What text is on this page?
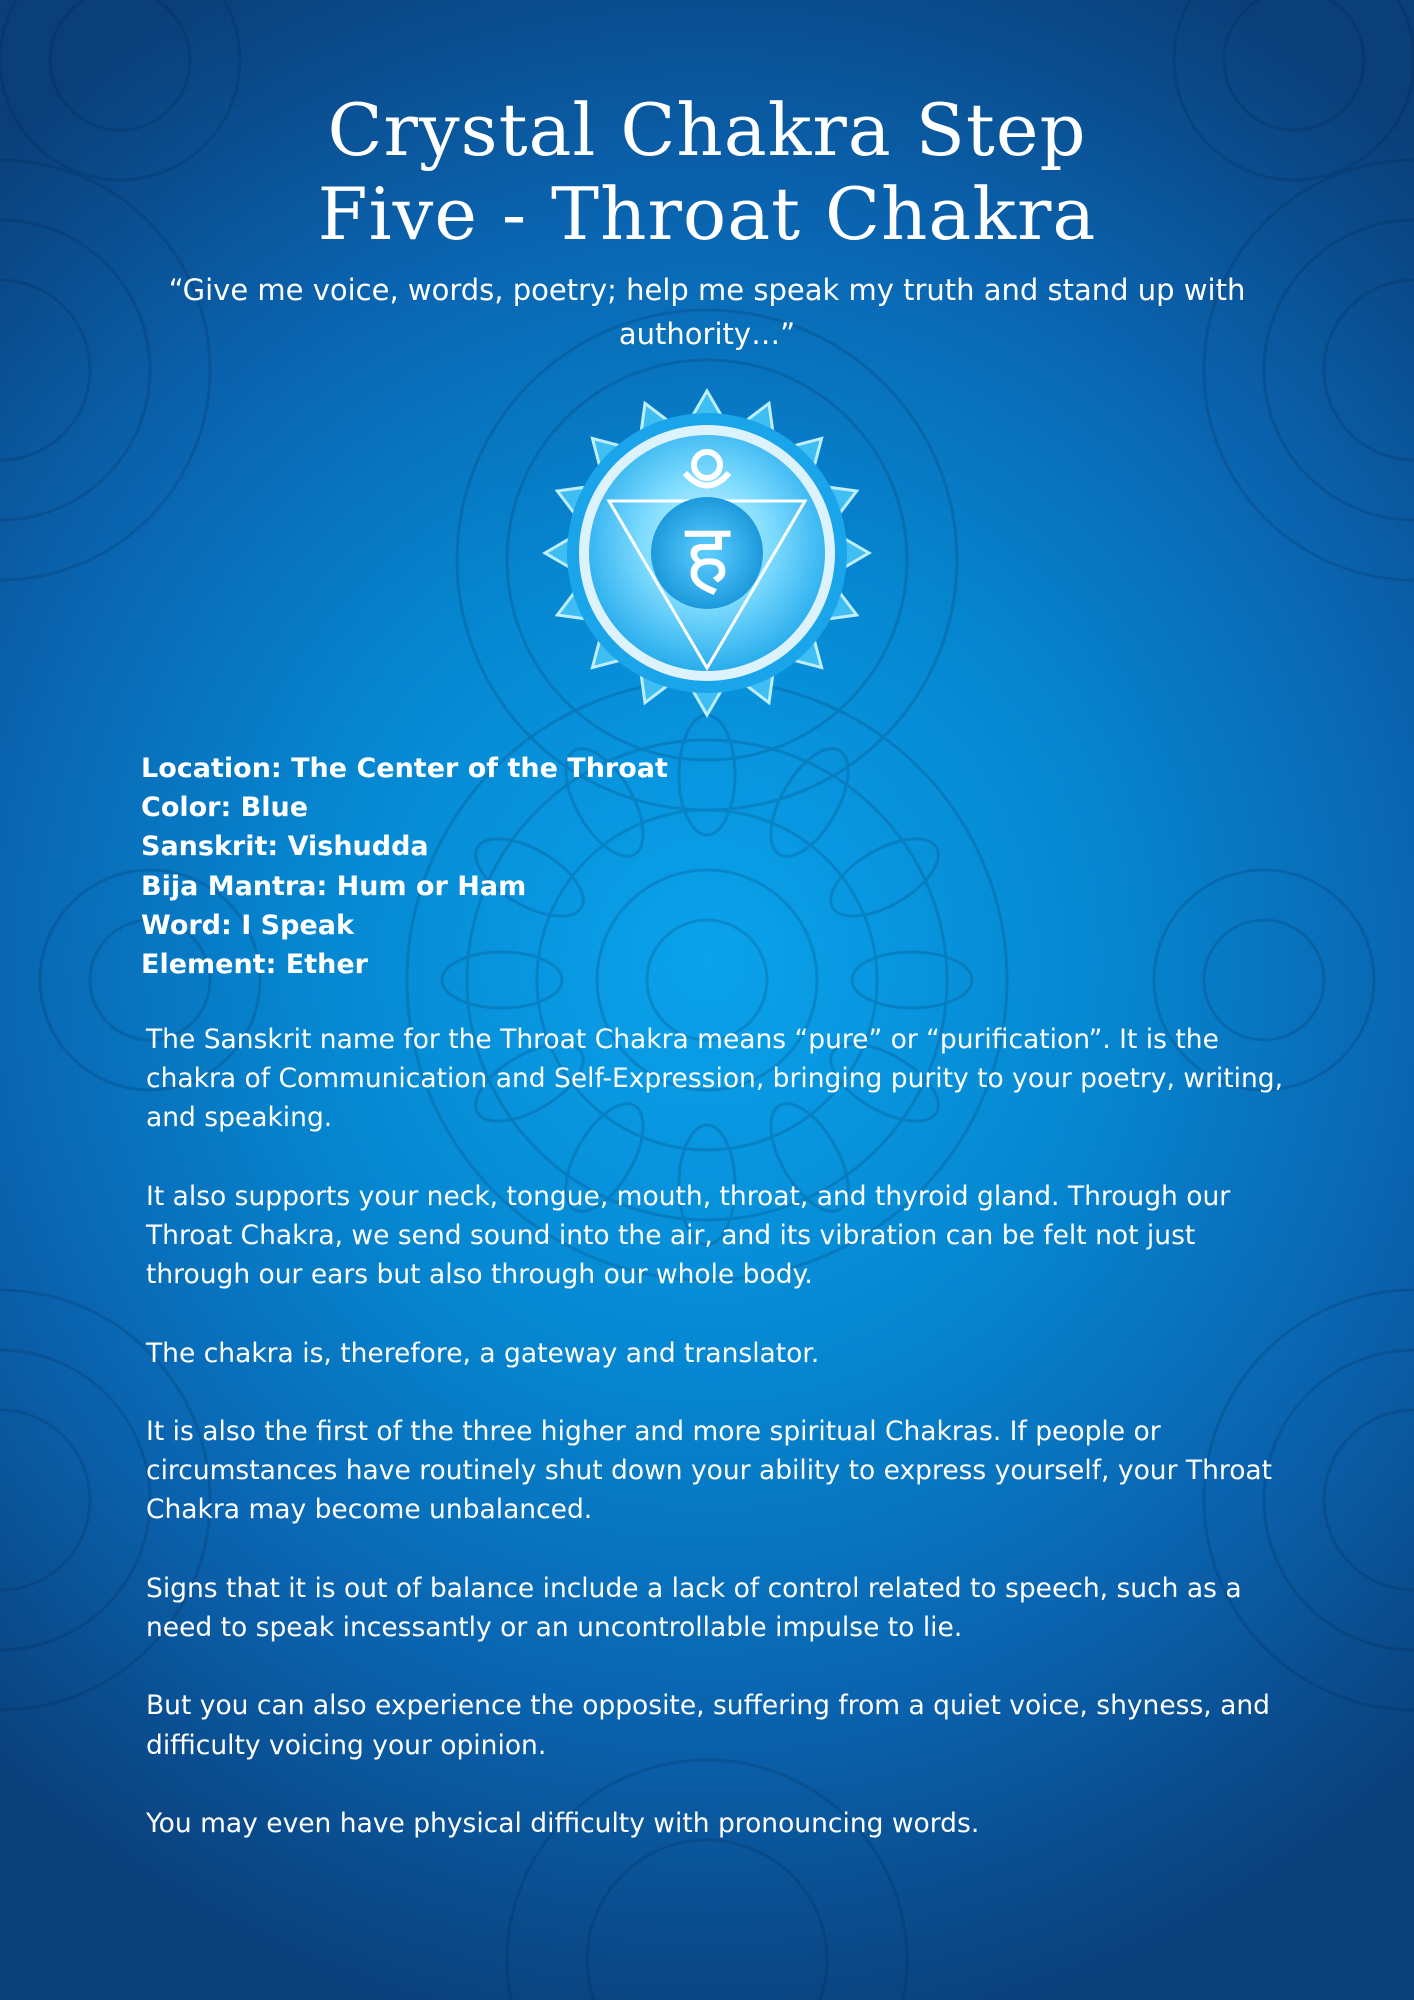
Crystal Chakra Step
Five - Throat Chakra

“Give me voice, words, poetry; help me speak my truth and stand up with authority…”

ह
Location: The Center of the Throat
Color: Blue
Sanskrit: Vishudda
Bija Mantra: Hum or Ham
Word: I Speak
Element: Ether

The Sanskrit name for the Throat Chakra means “pure” or “purification”. It is the chakra of Communication and Self-Expression, bringing purity to your poetry, writing, and speaking.

It also supports your neck, tongue, mouth, throat, and thyroid gland. Through our Throat Chakra, we send sound into the air, and its vibration can be felt not just through our ears but also through our whole body.

The chakra is, therefore, a gateway and translator.

It is also the first of the three higher and more spiritual Chakras. If people or circumstances have routinely shut down your ability to express yourself, your Throat Chakra may become unbalanced.

Signs that it is out of balance include a lack of control related to speech, such as a need to speak incessantly or an uncontrollable impulse to lie.

But you can also experience the opposite, suffering from a quiet voice, shyness, and difficulty voicing your opinion.

You may even have physical difficulty with pronouncing words.
